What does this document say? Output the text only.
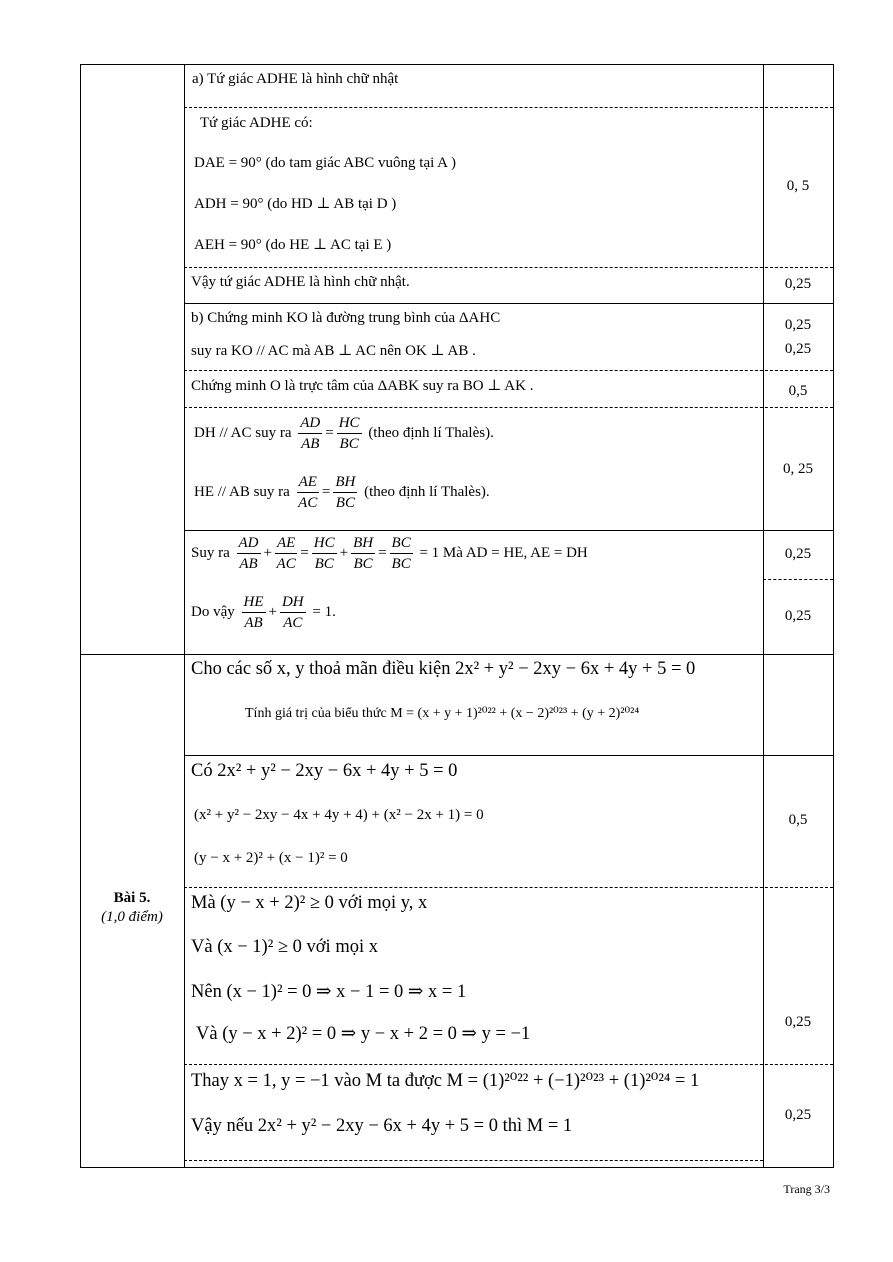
a) Tứ giác ADHE là hình chữ nhật
Tứ giác ADHE có:
DAE = 90° (do tam giác ABC vuông tại A )
ADH = 90° (do HD ⊥ AB tại D )
AEH = 90° (do HE ⊥ AC tại E )
Vậy tứ giác ADHE là hình chữ nhật.
b) Chứng minh KO là đường trung bình của ΔAHC
suy ra KO // AC mà AB ⊥ AC nên OK ⊥ AB .
Chứng minh O là trực tâm của ΔABK suy ra BO ⊥ AK .
DH // AC suy ra $\frac{AD}{AB} = \frac{HC}{BC}$ (theo định lí Thalès).
HE // AB suy ra $\frac{AE}{AC} = \frac{BH}{BC}$ (theo định lí Thalès).
Suy ra $\frac{AD}{AB} + \frac{AE}{AC} = \frac{HC}{BC} + \frac{BH}{BC} = \frac{BC}{BC} = 1$ Mà AD = HE, AE = DH
Do vậy $\frac{HE}{AB} + \frac{DH}{AC} = 1$.
0, 5
0,25
0,25
0,25
0,5
0, 25
0,25
0,25
Bài 5.
(1,0 điểm)
Cho các số x, y thoả mãn điều kiện 2x² + y² − 2xy − 6x + 4y + 5 = 0
Tính giá trị của biểu thức M = (x + y + 1)²⁰²² + (x − 2)²⁰²³ + (y + 2)²⁰²⁴
Có 2x² + y² − 2xy − 6x + 4y + 5 = 0
(x² + y² − 2xy − 4x + 4y + 4) + (x² − 2x + 1) = 0
(y − x + 2)² + (x − 1)² = 0
Mà (y − x + 2)² ≥ 0 với mọi y, x
Và (x − 1)² ≥ 0 với mọi x
Nên (x − 1)² = 0 ⇒ x − 1 = 0 ⇒ x = 1
Và (y − x + 2)² = 0 ⇒ y − x + 2 = 0 ⇒ y = −1
Thay x = 1, y = −1 vào M ta được M = (1)²⁰²² + (−1)²⁰²³ + (1)²⁰²⁴ = 1
Vậy nếu 2x² + y² − 2xy − 6x + 4y + 5 = 0 thì M = 1
0,5
0,25
0,25
Trang 3/3
